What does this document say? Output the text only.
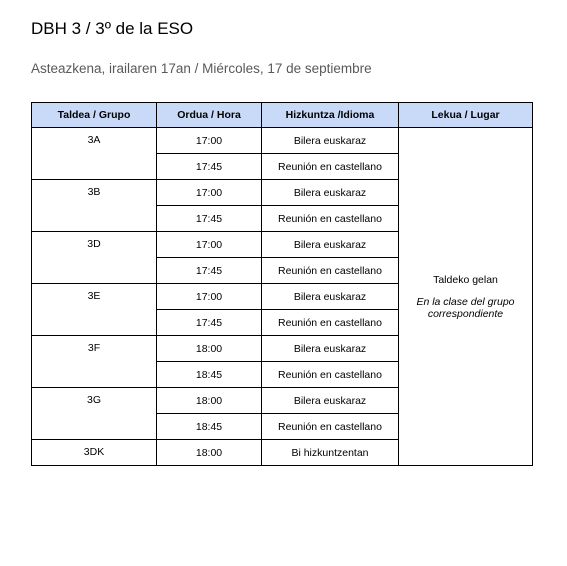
DBH 3 / 3º de la ESO
Asteazkena, irailaren 17an / Miércoles, 17 de septiembre
Taldea / Grupo	Ordua / Hora	Hizkuntza /Idioma	Lekua / Lugar
3A	17:00	Bilera euskaraz	Taldeko gelan
En la clase del grupo correspondiente

	17:45	Reunión en castellano	
3B	17:00	Bilera euskaraz	
	17:45	Reunión en castellano	
3D	17:00	Bilera euskaraz	
	17:45	Reunión en castellano	
3E	17:00	Bilera euskaraz	
	17:45	Reunión en castellano	
3F	18:00	Bilera euskaraz	
	18:45	Reunión en castellano	
3G	18:00	Bilera euskaraz	
	18:45	Reunión en castellano	
3DK	18:00	Bi hizkuntzentan	
